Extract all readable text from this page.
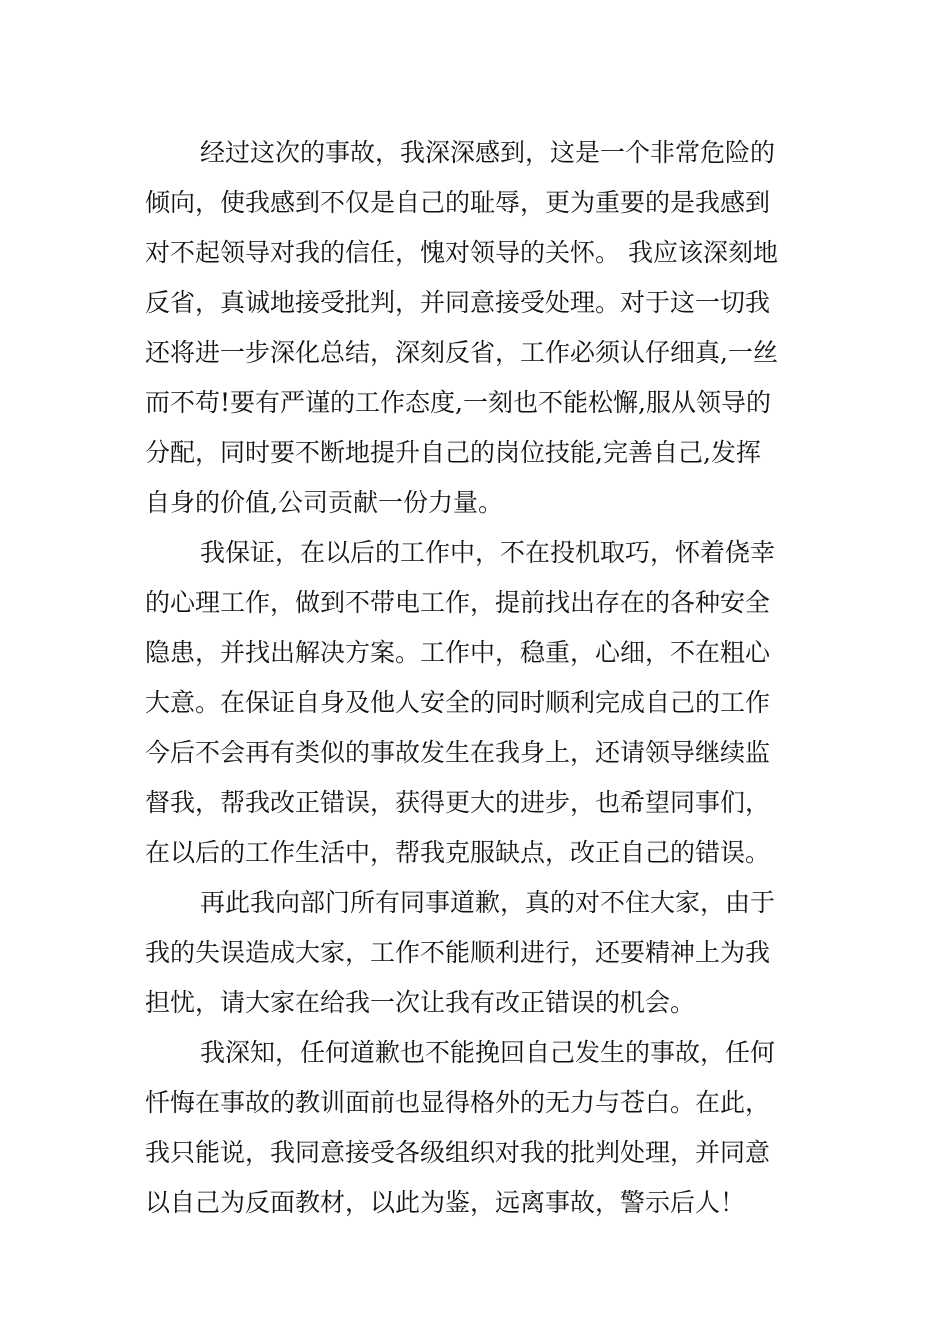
经过这次的事故，我深深感到，这是一个非常危险的
倾向，使我感到不仅是自己的耻辱，更为重要的是我感到
对不起领导对我的信任，愧对领导的关怀。 我应该深刻地
反省，真诚地接受批判，并同意接受处理。对于这一切我
还将进一步深化总结，深刻反省，工作必须认仔细真,一丝
而不苟!要有严谨的工作态度,一刻也不能松懈,服从领导的
分配，同时要不断地提升自己的岗位技能,完善自己,发挥
自身的价值,公司贡献一份力量。
我保证，在以后的工作中，不在投机取巧，怀着侥幸
的心理工作，做到不带电工作，提前找出存在的各种安全
隐患，并找出解决方案。工作中，稳重，心细，不在粗心
大意。在保证自身及他人安全的同时顺利完成自己的工作
今后不会再有类似的事故发生在我身上，还请领导继续监
督我，帮我改正错误，获得更大的进步，也希望同事们，
在以后的工作生活中，帮我克服缺点，改正自己的错误。
再此我向部门所有同事道歉，真的对不住大家，由于
我的失误造成大家，工作不能顺利进行，还要精神上为我
担忧，请大家在给我一次让我有改正错误的机会。
我深知，任何道歉也不能挽回自己发生的事故，任何
忏悔在事故的教训面前也显得格外的无力与苍白。在此，
我只能说，我同意接受各级组织对我的批判处理，并同意
以自己为反面教材，以此为鉴，远离事故，警示后人！
